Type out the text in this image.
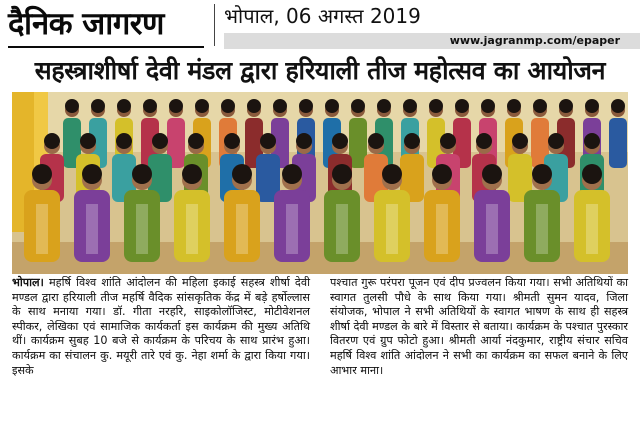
दैनिक जागरण	भोपाल, 06 अगस्त 2019
www.jagranmp.com/epaper
सहस्त्राशीर्षा देवी मंडल द्वारा हरियाली तीज महोत्सव का आयोजन
भोपाल। महर्षि विश्व शांति आंदोलन की महिला इकाई सहस्त्र शीर्षा देवी मण्डल द्वारा हरियाली तीज महर्षि वैदिक सांसकृतिक केंद्र में बड़े हर्षोल्लास के साथ मनाया गया। डॉ. गीता नरहरि, साइकोलॉजिस्ट, मोटीवेशनल स्पीकर, लेखिका एवं सामाजिक कार्यकर्ता इस कार्यक्रम की मुख्य अतिथि थीं। कार्यक्रम सुबह 10 बजे से कार्यक्रम के परिचय के साथ प्रारंभ हुआ। कार्यक्रम का संचालन कु. मयूरी तारे एवं कु. नेहा शर्मा के द्वारा किया गया। इसके
पश्चात गुरू परंपरा पूजन एवं दीप प्रज्वलन किया गया। सभी अतिथियों का स्वागत तुलसी पौधे के साथ किया गया। श्रीमती सुमन यादव, जिला संयोजक, भोपाल ने सभी अतिथियों के स्वागत भाषण के साथ ही सहस्त्र शीर्षा देवी मण्डल के बारे में विस्तार से बताया। कार्यक्रम के पश्चात पुरस्कार वितरण एवं ग्रुप फोटो हुआ। श्रीमती आर्या नंदकुमार, राष्ट्रीय संचार सचिव महर्षि विश्व शांति आंदोलन ने सभी का कार्यक्रम का सफल बनाने के लिए आभार माना।
